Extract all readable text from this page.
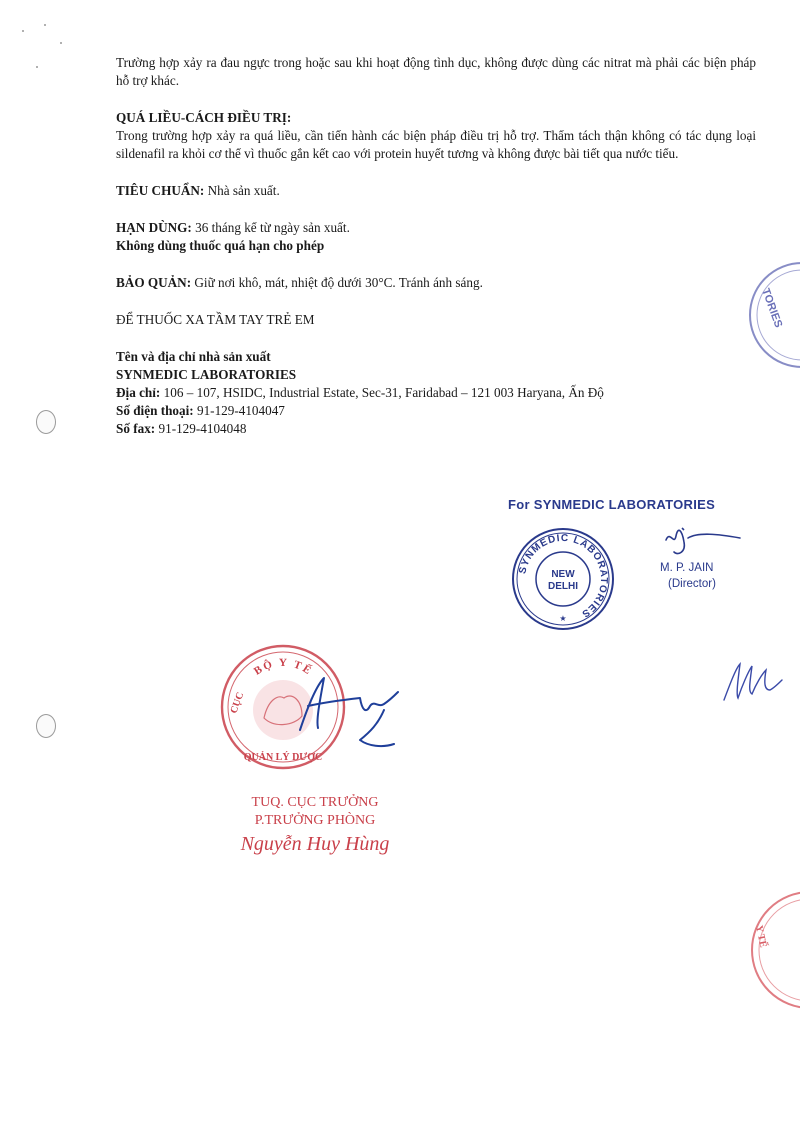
Trường hợp xảy ra đau ngực trong hoặc sau khi hoạt động tình dục, không được dùng các nitrat mà phải các biện pháp hỗ trợ khác.

QUÁ LIỀU-CÁCH ĐIỀU TRỊ:

Trong trường hợp xảy ra quá liều, cần tiến hành các biện pháp điều trị hỗ trợ. Thẩm tách thận không có tác dụng loại sildenafil ra khỏi cơ thể vì thuốc gắn kết cao với protein huyết tương và không được bài tiết qua nước tiểu.

TIÊU CHUẨN: Nhà sản xuất.

HẠN DÙNG: 36 tháng kể từ ngày sản xuất.

Không dùng thuốc quá hạn cho phép

BẢO QUẢN: Giữ nơi khô, mát, nhiệt độ dưới 30°C. Tránh ánh sáng.

ĐỂ THUỐC XA TẦM TAY TRẺ EM

Tên và địa chỉ nhà sản xuất

SYNMEDIC LABORATORIES

Địa chỉ: 106 – 107, HSIDC, Industrial Estate, Sec-31, Faridabad – 121 003 Haryana, Ấn Độ

Số điện thoại: 91-129-4104047

Số fax: 91-129-4104048

TORIES
For SYNMEDIC LABORATORIES
SYNMEDIC LABORATORIES
NEW
DELHI
★
M. P. JAIN
(Director)
BỘ Y TẾ
CỤC
QUẢN LÝ DƯỢC
TUQ. CỤC TRƯỞNG
P.TRƯỞNG PHÒNG
Nguyễn Huy Hùng
Y TẾ
